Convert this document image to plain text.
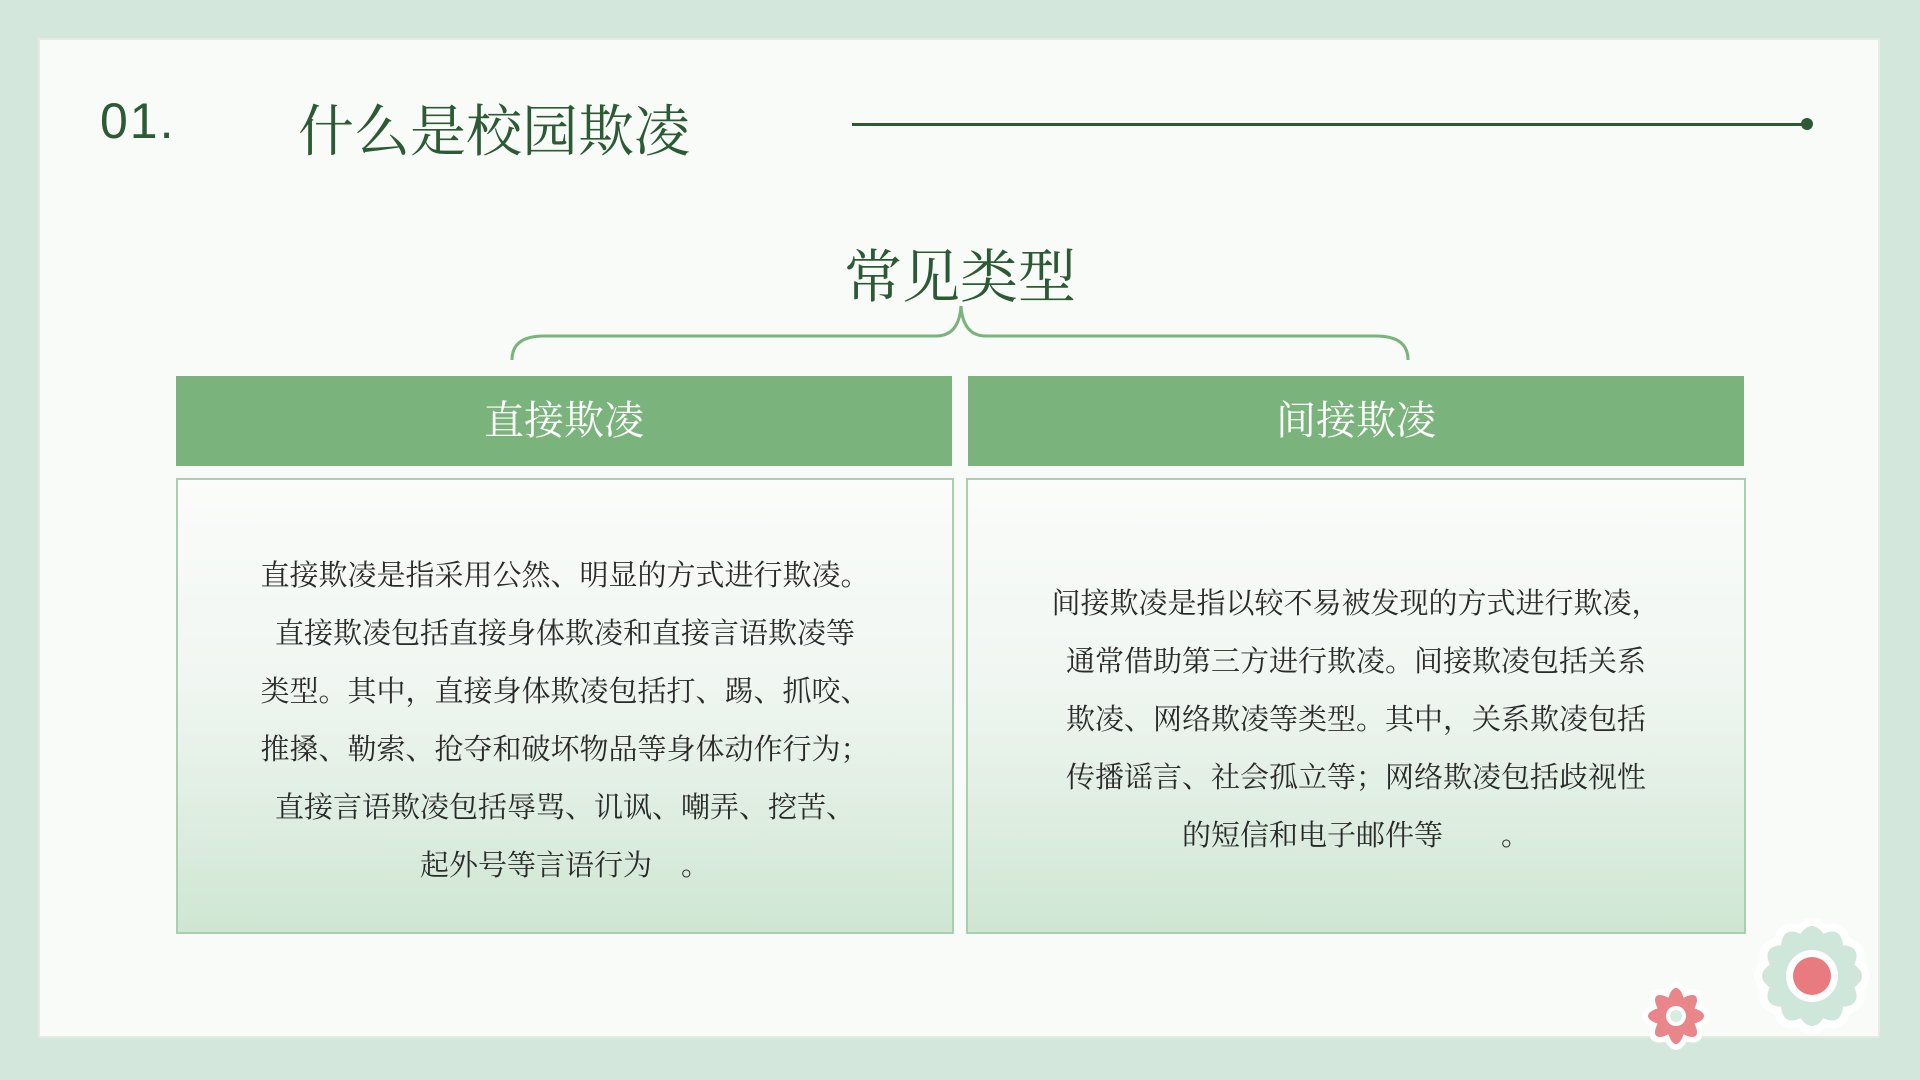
01. 什么是校园欺凌
常见类型
直接欺凌
直接欺凌是指采用公然、明显的方式进行欺凌。
直接欺凌包括直接身体欺凌和直接言语欺凌等
类型。其中，直接身体欺凌包括打、踢、抓咬、
推搡、勒索、抢夺和破坏物品等身体动作行为；
直接言语欺凌包括辱骂、讥讽、嘲弄、挖苦、
起外号等言语行为　。
间接欺凌
间接欺凌是指以较不易被发现的方式进行欺凌，
通常借助第三方进行欺凌。间接欺凌包括关系
欺凌、网络欺凌等类型。其中，关系欺凌包括
传播谣言、社会孤立等；网络欺凌包括歧视性
的短信和电子邮件等　　。
